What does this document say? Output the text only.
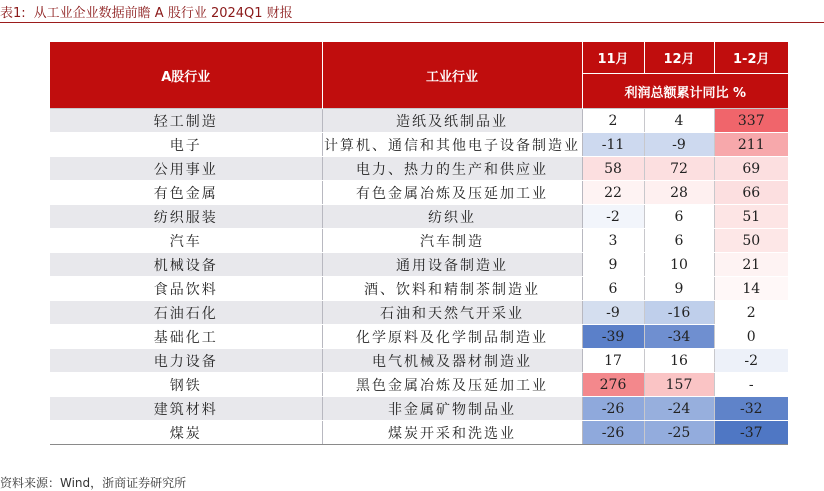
表1: 从工业企业数据前瞻 A 股行业 2024Q1 财报
A股行业	工业行业	11月	12月	1-2月
		利润总额累计同比 %		
轻工制造	造纸及纸制品业	2	4	337
电子	计算机、通信和其他电子设备制造业	-11	-9	211
公用事业	电力、热力的生产和供应业	58	72	69
有色金属	有色金属冶炼及压延加工业	22	28	66
纺织服装	纺织业	-2	6	51
汽车	汽车制造	3	6	50
机械设备	通用设备制造业	9	10	21
食品饮料	酒、饮料和精制茶制造业	6	9	14
石油石化	石油和天然气开采业	-9	-16	2
基础化工	化学原料及化学制品制造业	-39	-34	0
电力设备	电气机械及器材制造业	17	16	-2
钢铁	黑色金属冶炼及压延加工业	276	157	-
建筑材料	非金属矿物制品业	-26	-24	-32
煤炭	煤炭开采和洗选业	-26	-25	-37
资料来源：Wind，浙商证券研究所
